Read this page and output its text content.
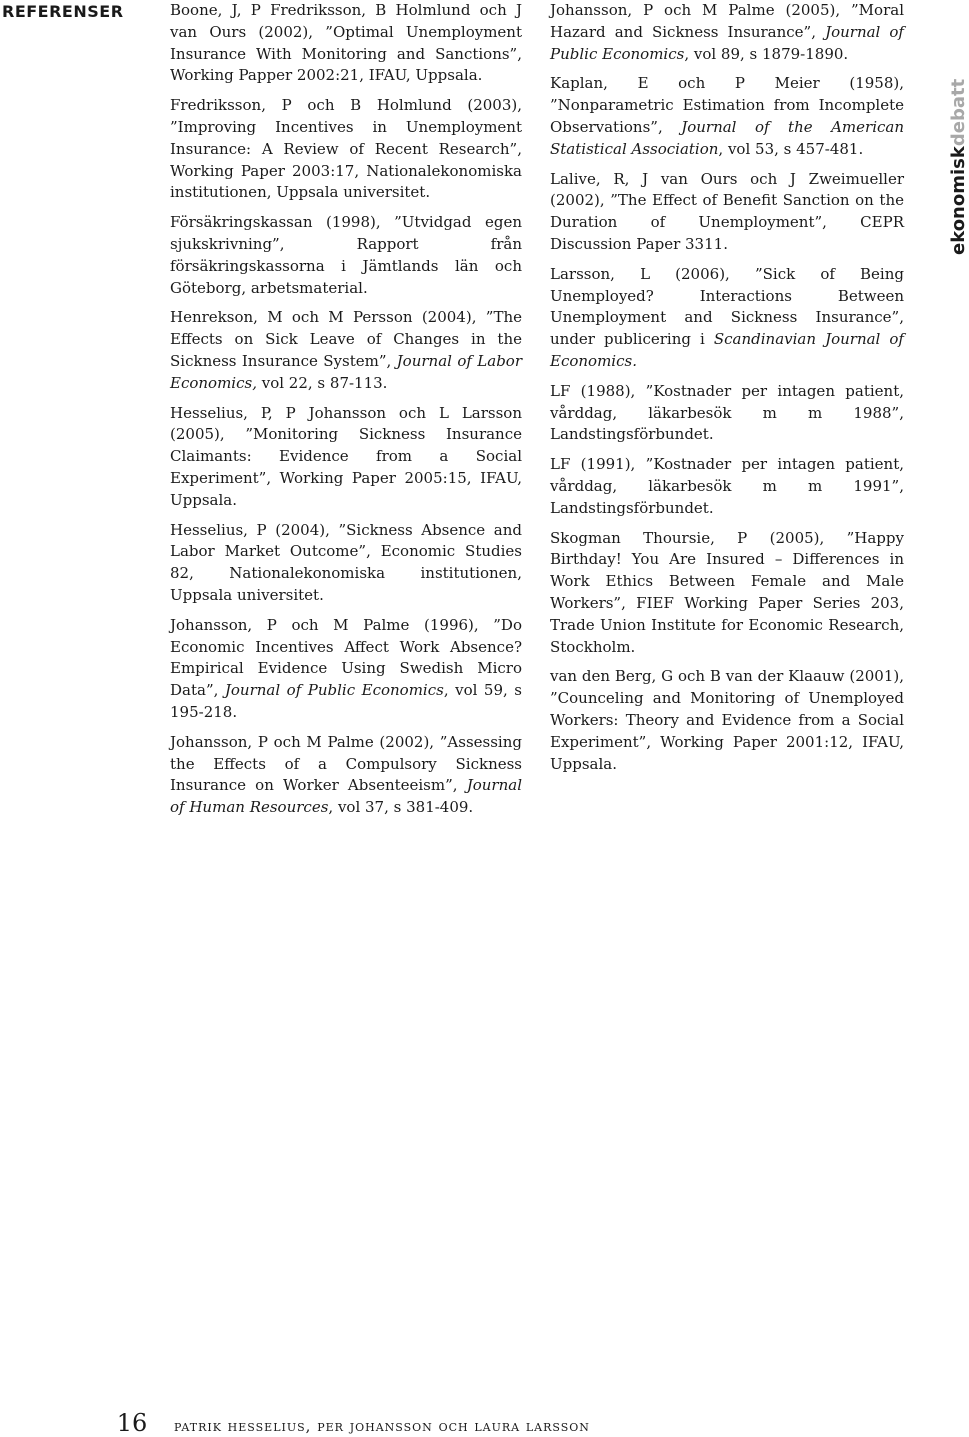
REFERENSER	Boone, J, P Fredriksson, B Holmlund och J van Ours (2002), ”Optimal Unemployment Insurance With Monitoring and Sanctions”, Working Papper 2002:21, IFAU, Uppsala.

Fredriksson, P och B Holmlund (2003), ”Improving Incentives in Unemployment Insurance: A Review of Recent Research”, Working Paper 2003:17, Nationalekonomiska institutionen, Uppsala universitet.

Försäkringskassan (1998), ”Utvidgad egen sjukskrivning”, Rapport från försäkringskassorna i Jämtlands län och Göteborg, arbetsmaterial.

Henrekson, M och M Persson (2004), ”The Effects on Sick Leave of Changes in the Sickness Insurance System”, Journal of Labor Economics, vol 22, s 87-113.

Hesselius, P, P Johansson och L Larsson (2005), ”Monitoring Sickness Insurance Claimants: Evidence from a Social Experiment”, Working Paper 2005:15, IFAU, Uppsala.

Hesselius, P (2004), ”Sickness Absence and Labor Market Outcome”, Economic Studies 82, Nationalekonomiska institutionen, Uppsala universitet.

Johansson, P och M Palme (1996), ”Do Economic Incentives Affect Work Absence? Empirical Evidence Using Swedish Micro Data”, Journal of Public Economics, vol 59, s 195-218.

Johansson, P och M Palme (2002), ”Assessing the Effects of a Compulsory Sickness Insurance on Worker Absenteeism”, Journal of Human Resources, vol 37, s 381-409.

Johansson, P och M Palme (2005), ”Moral Hazard and Sickness Insurance”, Journal of Public Economics, vol 89, s 1879-1890.

Kaplan, E och P Meier (1958), ”Nonparametric Estimation from Incomplete Observations”, Journal of the American Statistical Association, vol 53, s 457-481.

Lalive, R, J van Ours och J Zweimueller (2002), ”The Effect of Benefit Sanction on the Duration of Unemployment”, CEPR Discussion Paper 3311.

Larsson, L (2006), ”Sick of Being Unemployed? Interactions Between Unemployment and Sickness Insurance”, under publicering i Scandinavian Journal of Economics.

LF (1988), ”Kostnader per intagen patient, vårddag, läkarbesök m m 1988”, Landstingsförbundet.

LF (1991), ”Kostnader per intagen patient, vårddag, läkarbesök m m 1991”, Landstingsförbundet.

Skogman Thoursie, P (2005), ”Happy Birthday! You Are Insured – Differences in Work Ethics Between Female and Male Workers”, FIEF Working Paper Series 203, Trade Union Institute for Economic Research, Stockholm.

van den Berg, G och B van der Klaauw (2001), ”Counceling and Monitoring of Unemployed Workers: Theory and Evidence from a Social Experiment”, Working Paper 2001:12, IFAU, Uppsala.

ekonomiskdebatt
16	patrik hesselius, per johansson och laura larsson
